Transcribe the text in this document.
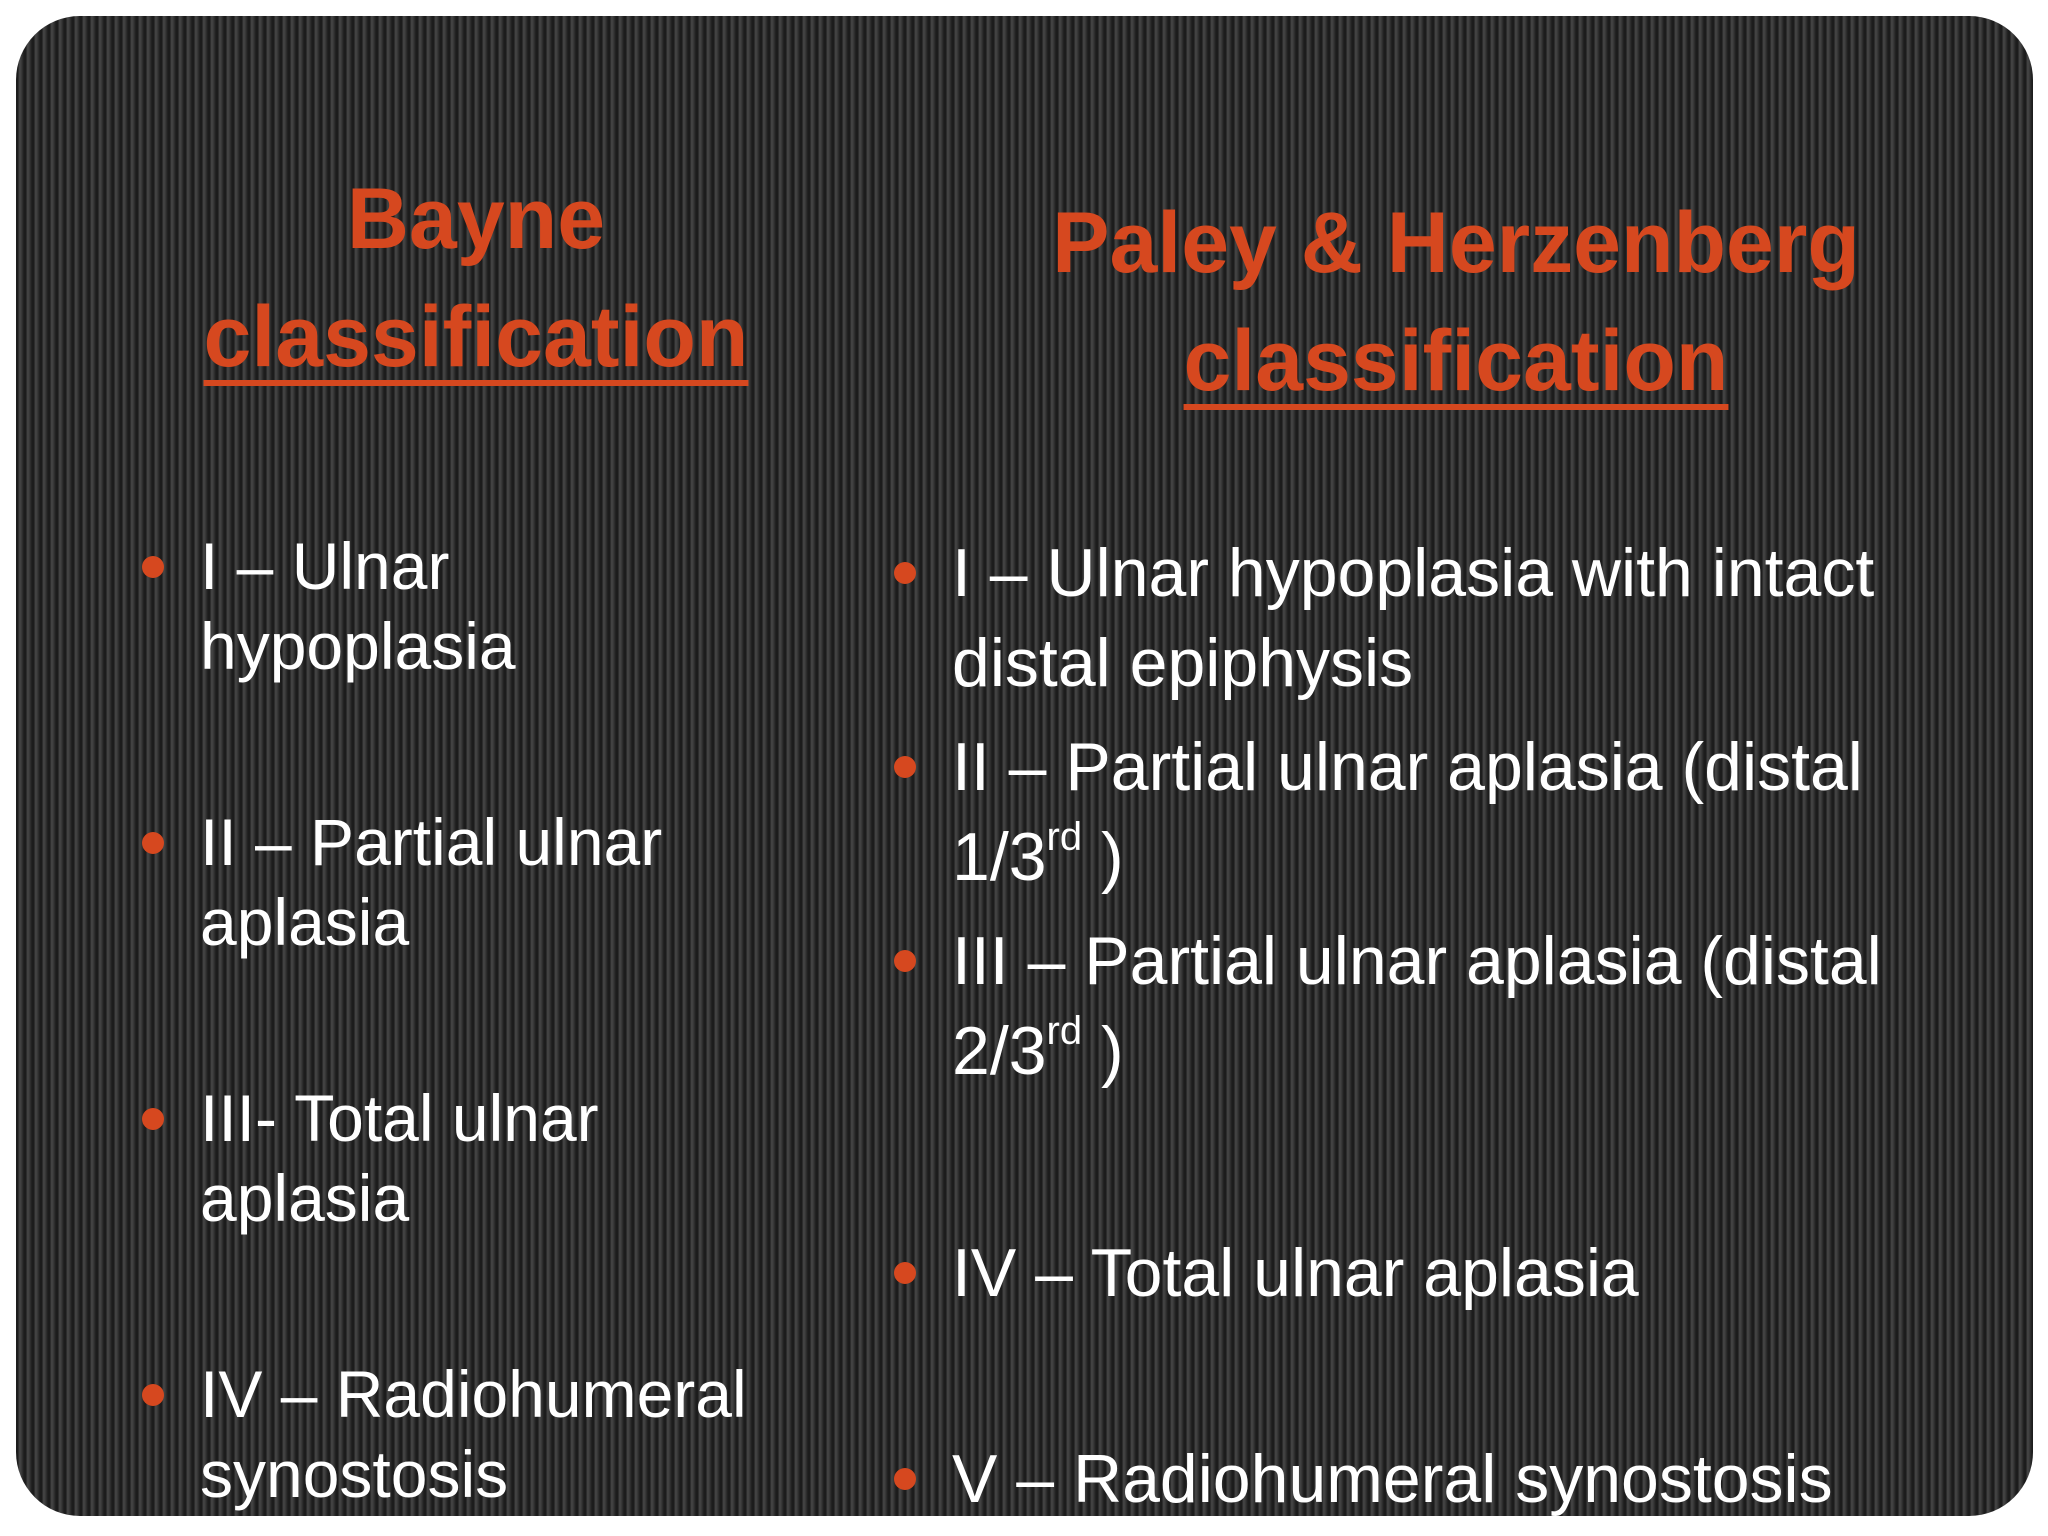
Bayne
classification
Paley & Herzenberg
classification
I – Ulnar
hypoplasia
II – Partial ulnar
aplasia
III- Total ulnar
aplasia
IV – Radiohumeral
synostosis
I – Ulnar hypoplasia with intact
distal epiphysis
II – Partial ulnar aplasia (distal
1/3rd )
III – Partial ulnar aplasia (distal
2/3rd )
IV – Total ulnar aplasia
V – Radiohumeral synostosis
